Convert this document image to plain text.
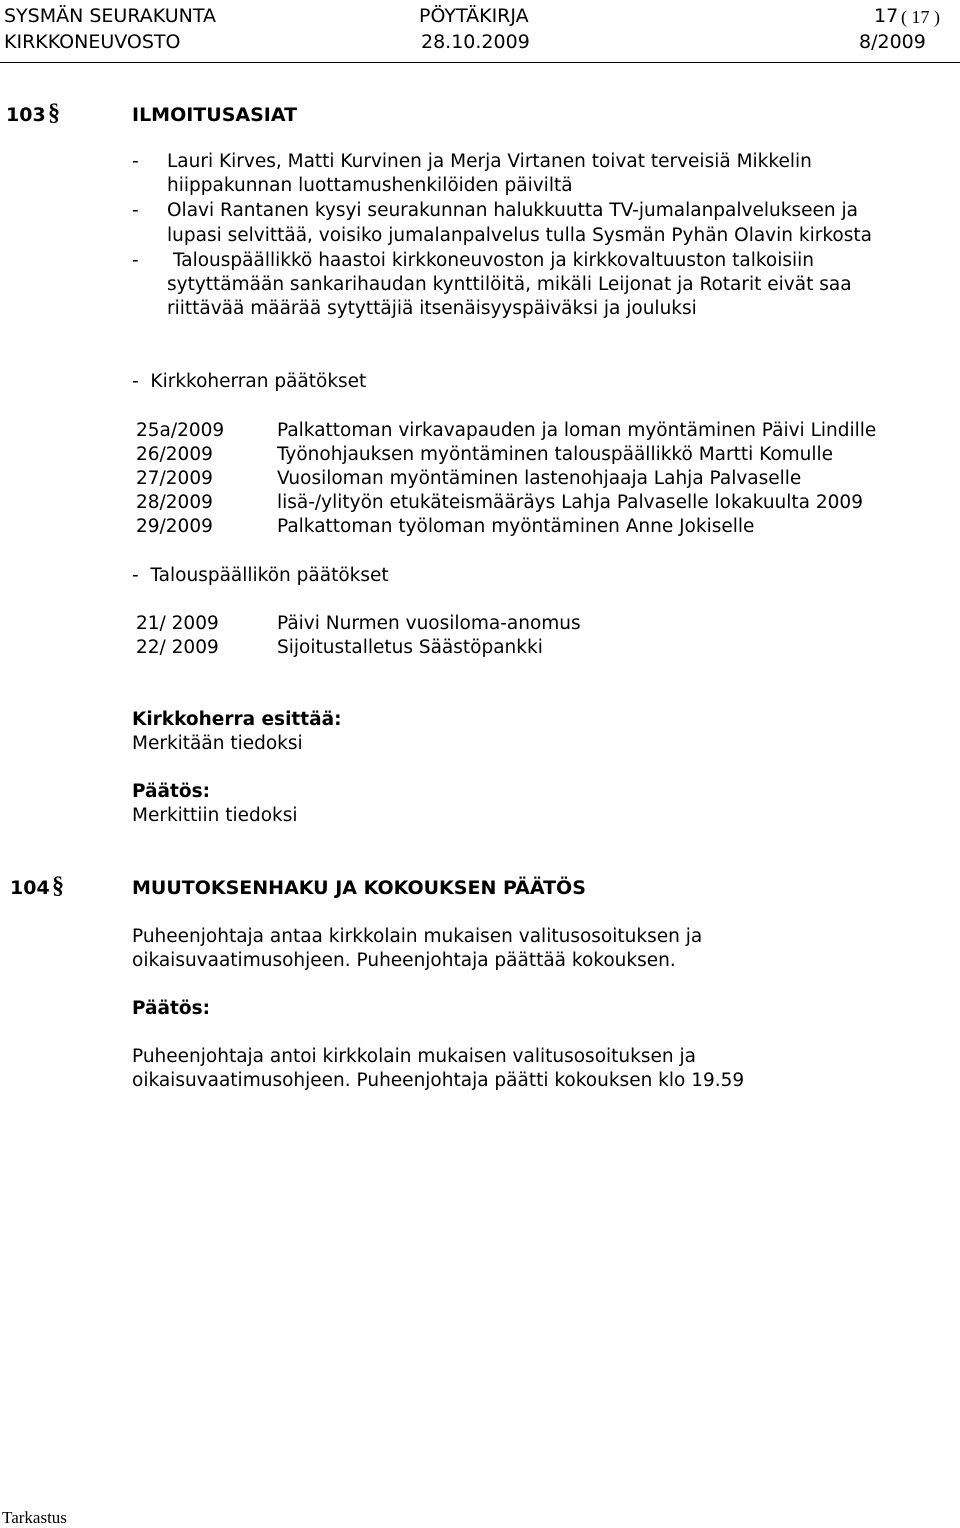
SYSMÄN SEURAKUNTA
KIRKKONEUVOSTO
PÖYTÄKIRJA
28.10.2009
17 ( 17 )
8/2009
103 §	ILMOITUSASIAT
- Lauri Kirves, Matti Kurvinen ja Merja Virtanen toivat terveisiä Mikkelin
hiippakunnan luottamushenkilöiden päiviltä
- Olavi Rantanen kysyi seurakunnan halukkuutta TV-jumalanpalvelukseen ja
lupasi selvittää, voisiko jumalanpalvelus tulla Sysmän Pyhän Olavin kirkosta
- Talouspäällikkö haastoi kirkkoneuvoston ja kirkkovaltuuston talkoisiin
sytyttämään sankarihaudan kynttilöitä, mikäli Leijonat ja Rotarit eivät saa
riittävää määrää sytyttäjiä itsenäisyyspäiväksi ja jouluksi
-  Kirkkoherran päätökset
25a/2009	Palkattoman virkavapauden ja loman myöntäminen Päivi Lindille
26/2009	Työnohjauksen myöntäminen talouspäällikkö Martti Komulle
27/2009	Vuosiloman myöntäminen lastenohjaaja Lahja Palvaselle
28/2009	lisä-/ylityön etukäteismääräys Lahja Palvaselle lokakuulta 2009
29/2009	Palkattoman työloman myöntäminen Anne Jokiselle
-  Talouspäällikön päätökset
21/ 2009	Päivi Nurmen vuosiloma-anomus
22/ 2009	Sijoitustalletus Säästöpankki
Kirkkoherra esittää:
Merkitään tiedoksi
Päätös:
Merkittiin tiedoksi
104 §	MUUTOKSENHAKU JA KOKOUKSEN PÄÄTÖS
Puheenjohtaja antaa kirkkolain mukaisen valitusosoituksen ja
oikaisuvaatimusohjeen. Puheenjohtaja päättää kokouksen.
Päätös:
Puheenjohtaja antoi kirkkolain mukaisen valitusosoituksen ja
oikaisuvaatimusohjeen. Puheenjohtaja päätti kokouksen klo 19.59
Tarkastus
